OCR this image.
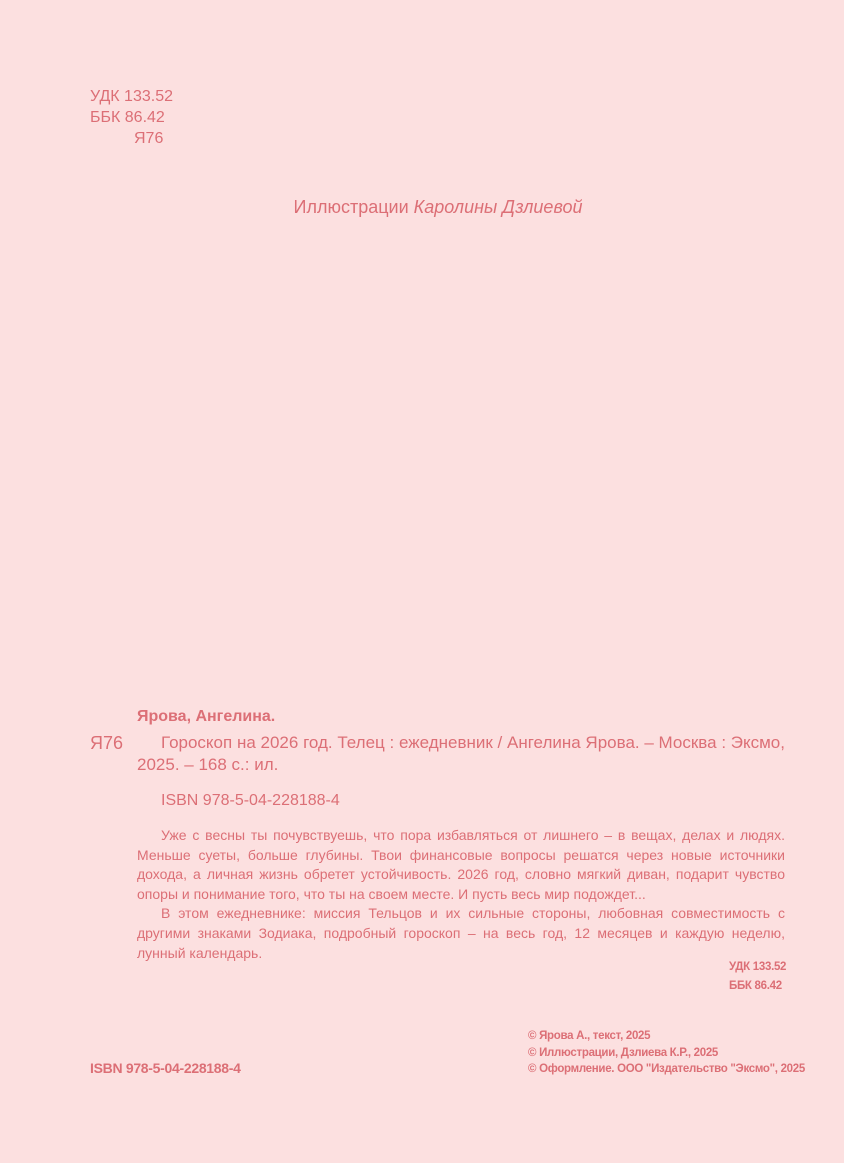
УДК 133.52
ББК 86.42
Я76
Иллюстрации Каролины Дзлиевой
Я76

Ярова, Ангелина.

Гороскоп на 2026 год. Телец : ежедневник / Ангелина Ярова. – Москва : Эксмо, 2025. – 168 с.: ил.

ISBN 978-5-04-228188-4

Уже с весны ты почувствуешь, что пора избавляться от лишнего – в вещах, делах и людях. Меньше суеты, больше глубины. Твои финансовые вопросы решатся через новые источники дохода, а личная жизнь обретет устойчивость. 2026 год, словно мягкий диван, подарит чувство опоры и понимание того, что ты на своем месте. И пусть весь мир подождет...

В этом ежедневнике: миссия Тельцов и их сильные стороны, любовная совместимость с другими знаками Зодиака, подробный гороскоп – на весь год, 12 месяцев и каждую неделю, лунный календарь.

УДК 133.52
ББК 86.42
© Ярова А., текст, 2025
© Иллюстрации, Дзлиева К.Р., 2025
© Оформление. ООО "Издательство "Эксмо", 2025
ISBN 978-5-04-228188-4
